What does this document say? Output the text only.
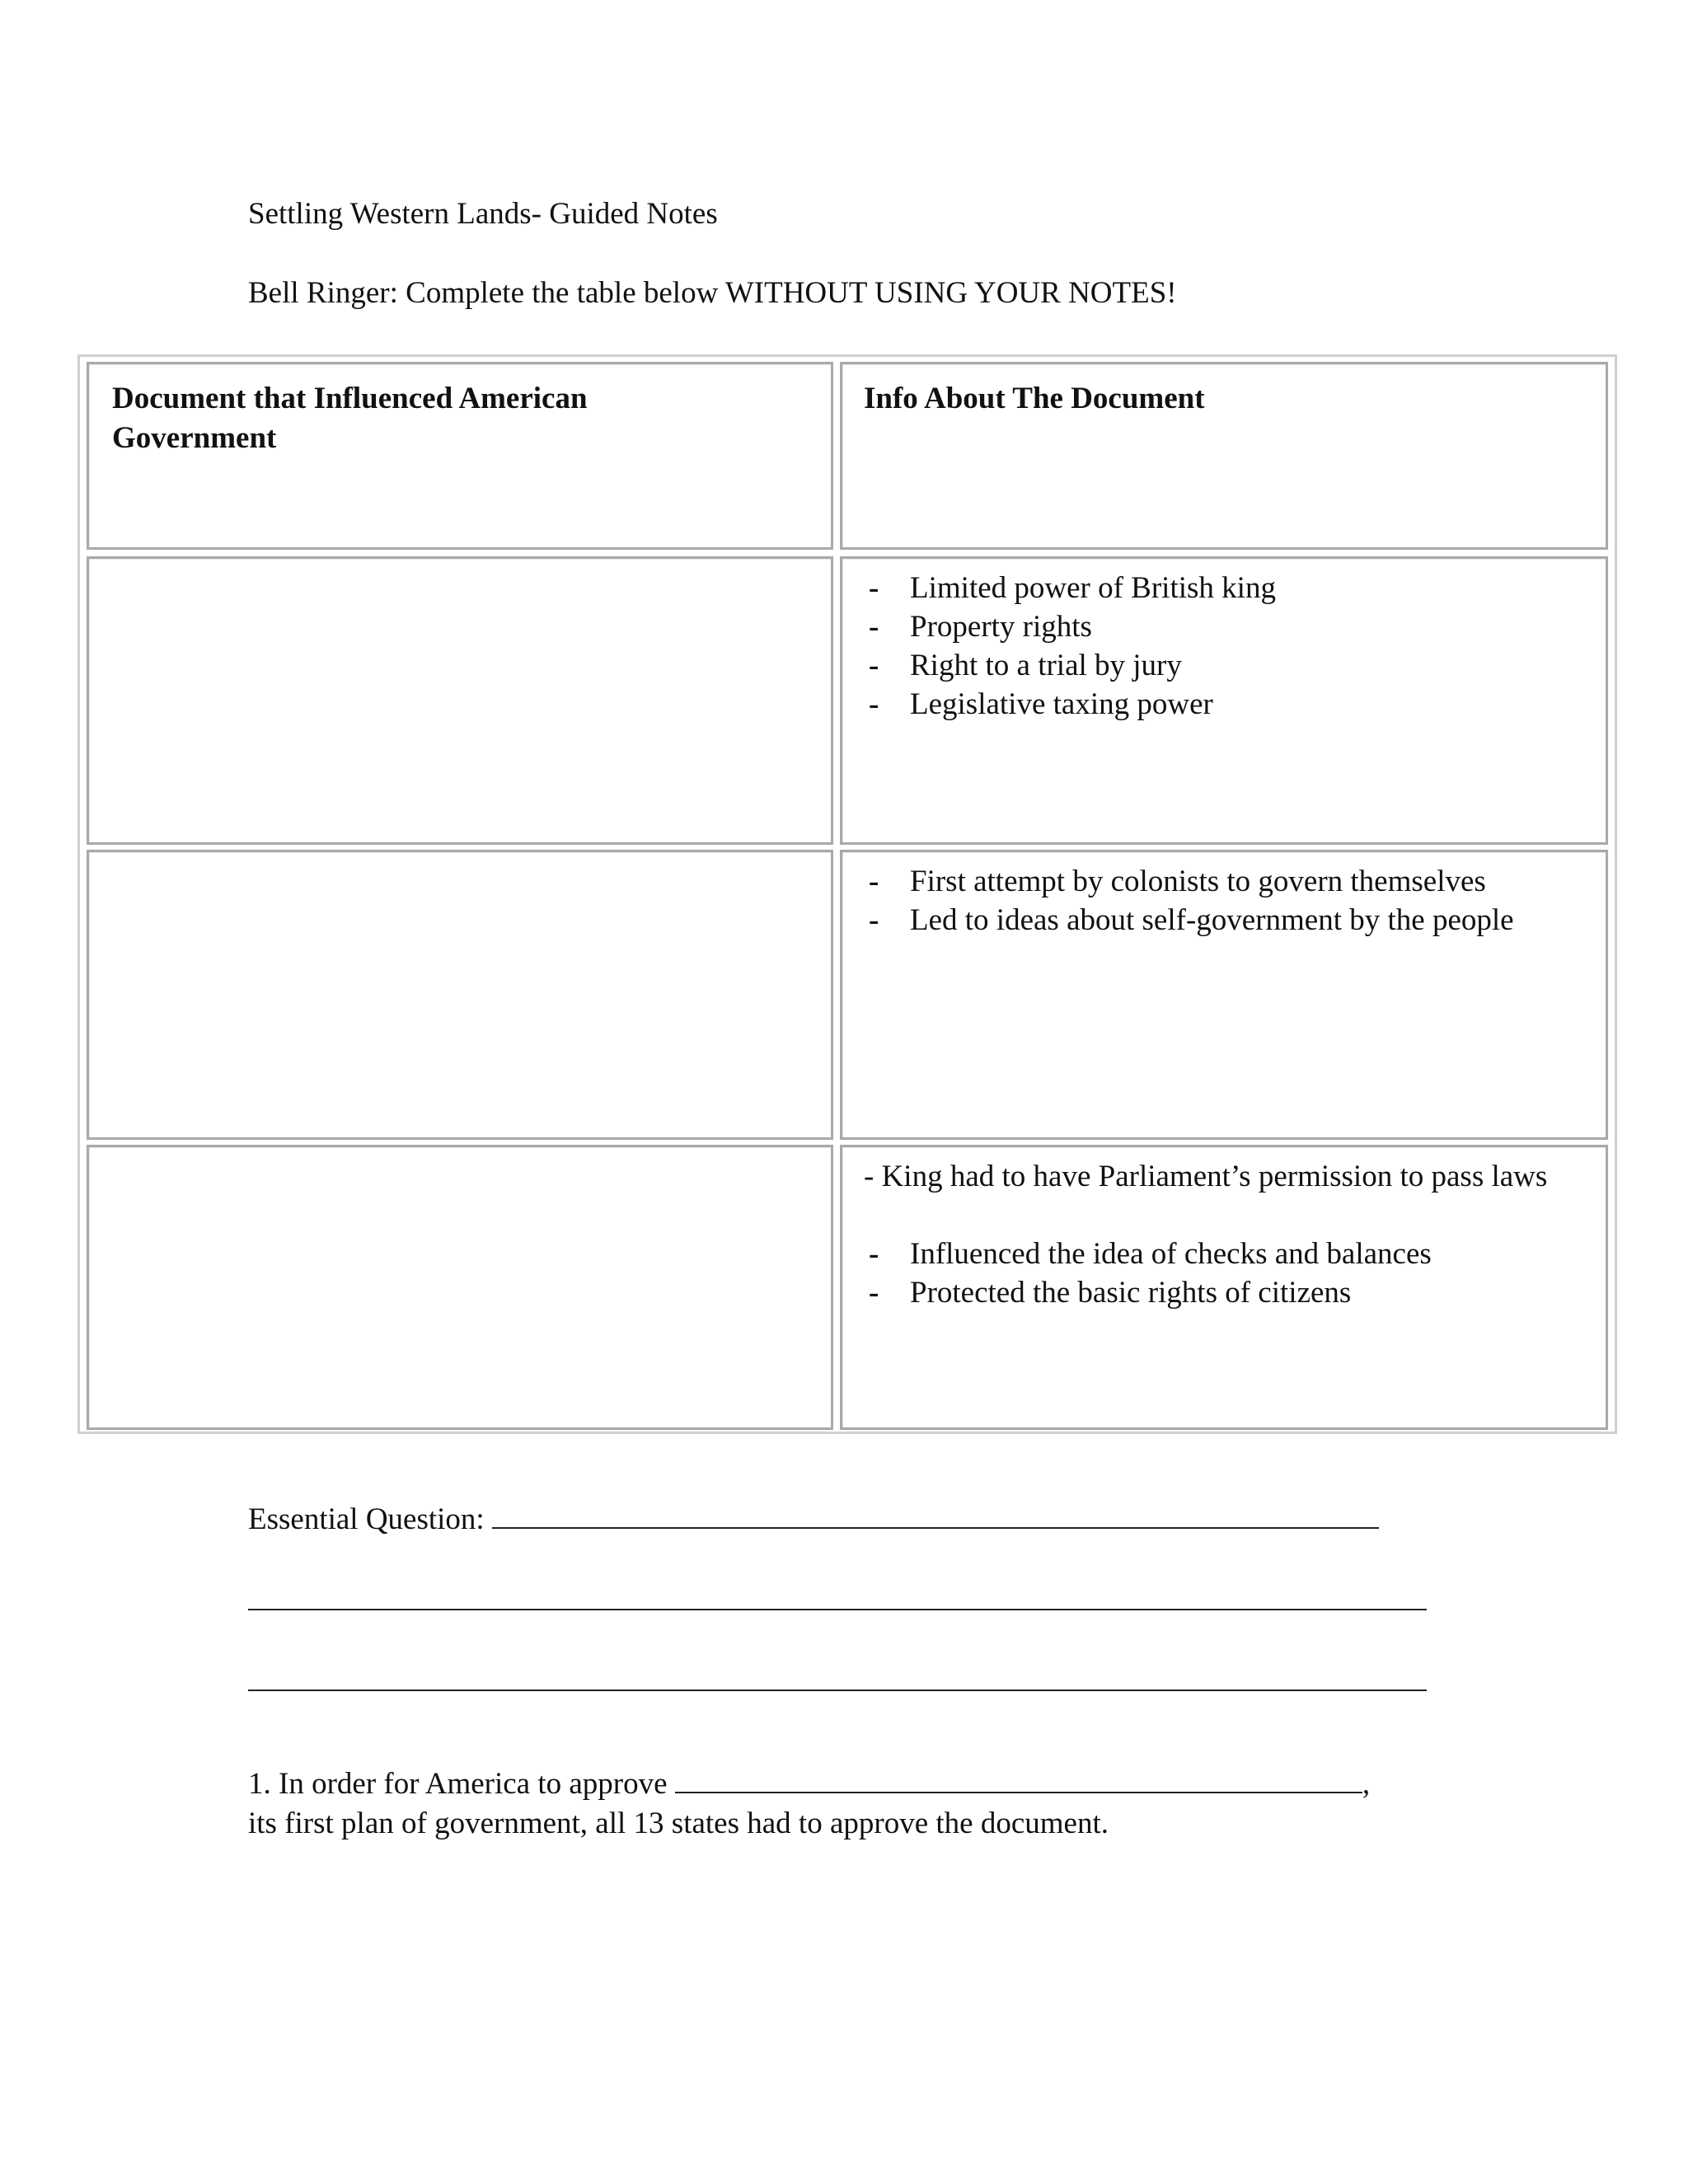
Settling Western Lands- Guided Notes
Bell Ringer: Complete the table below WITHOUT USING YOUR NOTES!
Document that Influenced American Government
Info About The Document
- Limited power of British king
- Property rights
- Right to a trial by jury
- Legislative taxing power
- First attempt by colonists to govern themselves
- Led to ideas about self-government by the people
- King had to have Parliament’s permission to pass laws
- Influenced the idea of checks and balances
- Protected the basic rights of citizens
Essential Question:
1. In order for America to approve	,
its first plan of government, all 13 states had to approve the document.
